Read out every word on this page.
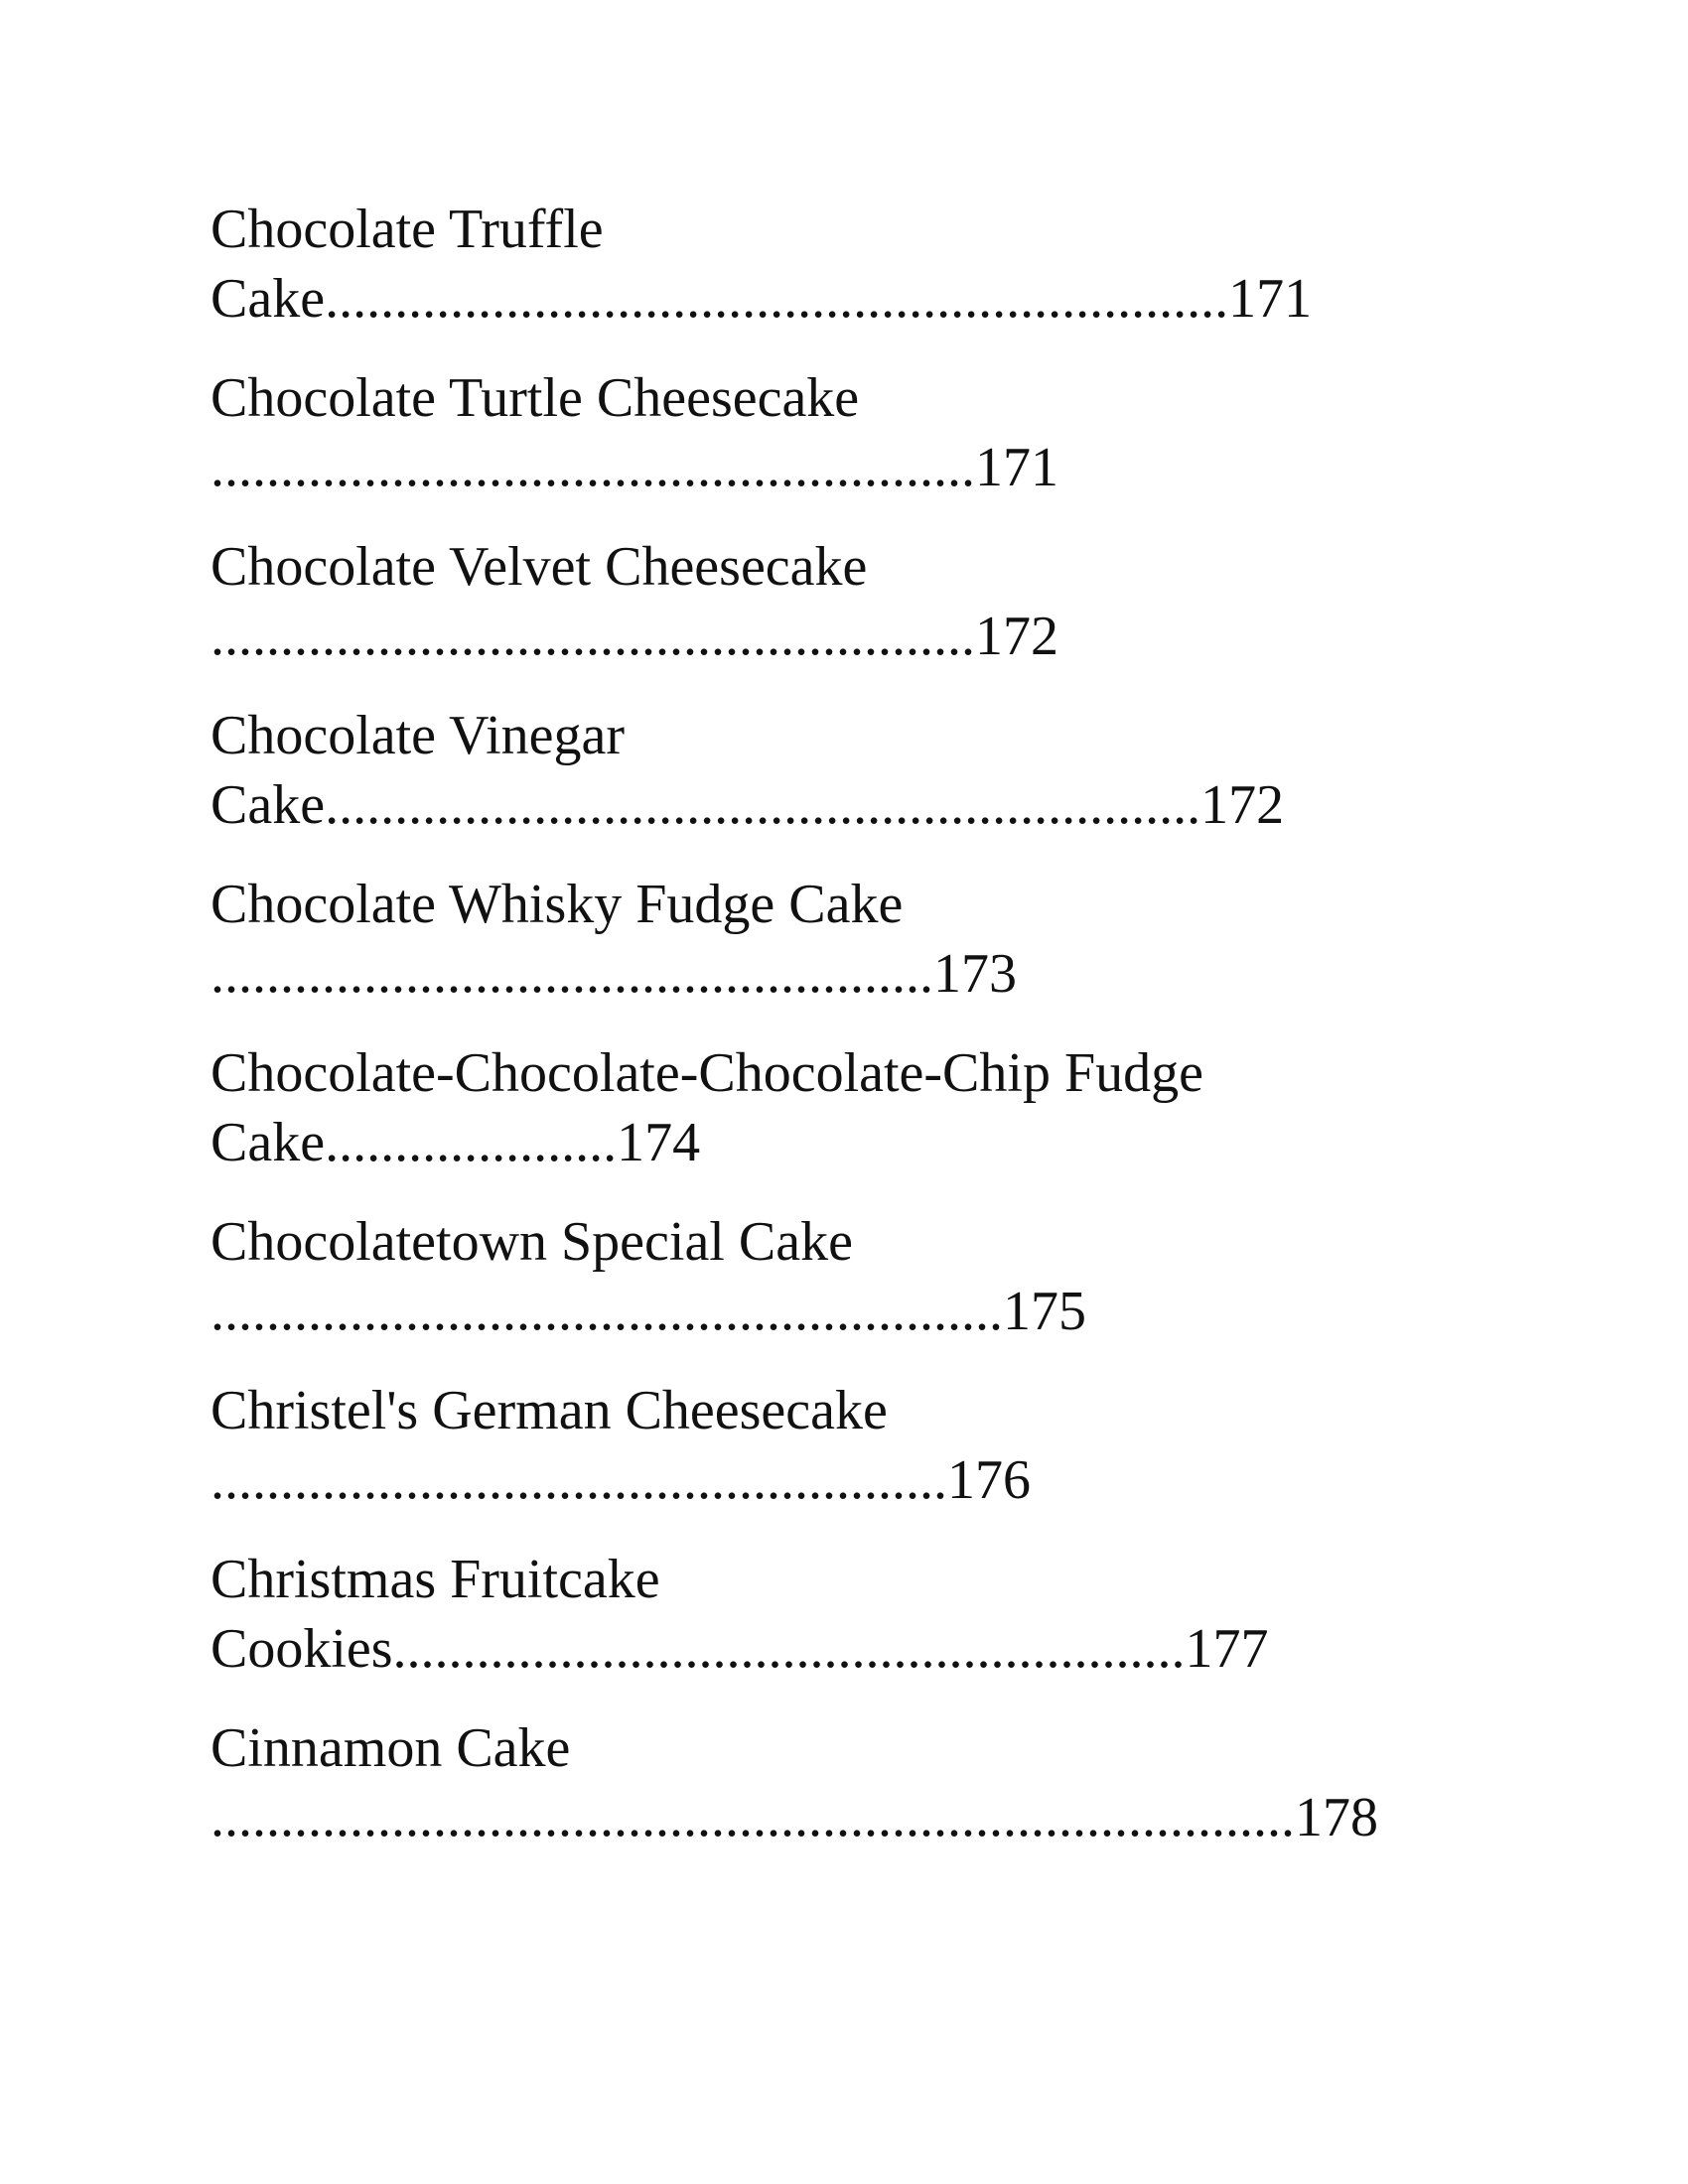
Chocolate Truffle
Cake.................................................................171
Chocolate Turtle Cheesecake
.......................................................171
Chocolate Velvet Cheesecake
.......................................................172
Chocolate Vinegar
Cake...............................................................172
Chocolate Whisky Fudge Cake
....................................................173
Chocolate-Chocolate-Chocolate-Chip Fudge
Cake.....................174
Chocolatetown Special Cake
.........................................................175
Christel's German Cheesecake
.....................................................176
Christmas Fruitcake
Cookies.........................................................177
Cinnamon Cake
..............................................................................178
